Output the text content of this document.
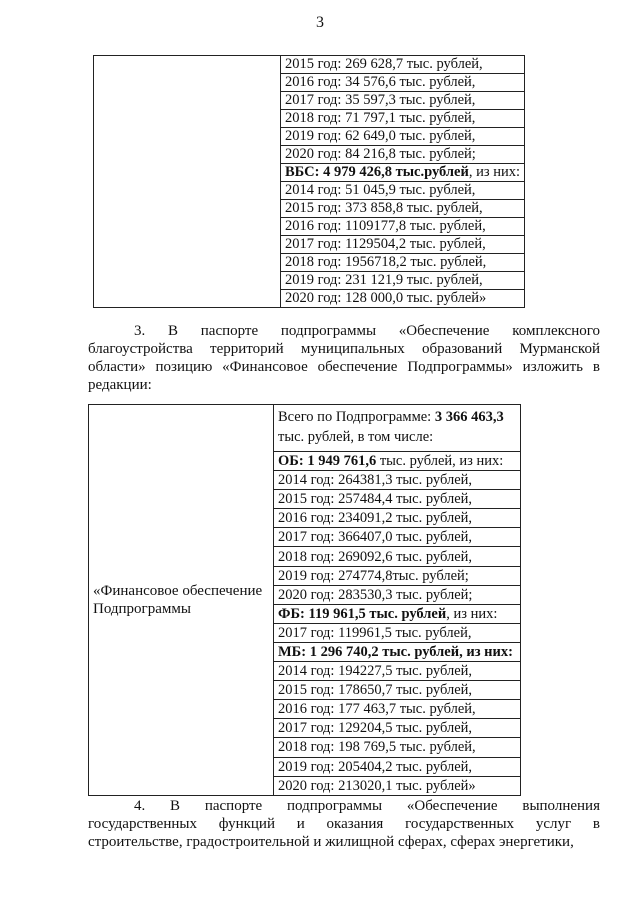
3
	2015 год: 269 628,7 тыс. рублей,
2016 год: 34 576,6 тыс. рублей,
2017 год: 35 597,3 тыс. рублей,
2018 год: 71 797,1 тыс. рублей,
2019 год: 62 649,0 тыс. рублей,
2020 год: 84 216,8 тыс. рублей;
ВБС: 4 979 426,8 тыс.рублей, из них:
2014 год: 51 045,9 тыс. рублей,
2015 год: 373 858,8 тыс. рублей,
2016 год: 1109177,8 тыс. рублей,
2017 год: 1129504,2 тыс. рублей,
2018 год: 1956718,2 тыс. рублей,
2019 год: 231 121,9 тыс. рублей,
2020 год: 128 000,0 тыс. рублей»
3. В паспорте подпрограммы «Обеспечение комплексного
благоустройства территорий муниципальных образований Мурманской
области» позицию «Финансовое обеспечение Подпрограммы» изложить в
редакции:
«Финансовое обеспечение Подпрограммы	Всего по Подпрограмме: 3 366 463,3 тыс. рублей, в том числе:
ОБ: 1 949 761,6 тыс. рублей, из них:
2014 год: 264381,3 тыс. рублей,
2015 год: 257484,4 тыс. рублей,
2016 год: 234091,2 тыс. рублей,
2017 год: 366407,0 тыс. рублей,
2018 год: 269092,6 тыс. рублей,
2019 год: 274774,8тыс. рублей;
2020 год: 283530,3 тыс. рублей;
ФБ: 119 961,5 тыс. рублей, из них:
2017 год: 119961,5 тыс. рублей,
МБ: 1 296 740,2 тыс. рублей, из них:
2014 год: 194227,5 тыс. рублей,
2015 год: 178650,7 тыс. рублей,
2016 год: 177 463,7 тыс. рублей,
2017 год: 129204,5 тыс. рублей,
2018 год: 198 769,5 тыс. рублей,
2019 год: 205404,2 тыс. рублей,
2020 год: 213020,1 тыс. рублей»
4. В паспорте подпрограммы «Обеспечение выполнения
государственных функций и оказания государственных услуг в
строительстве, градостроительной и жилищной сферах, сферах энергетики,
